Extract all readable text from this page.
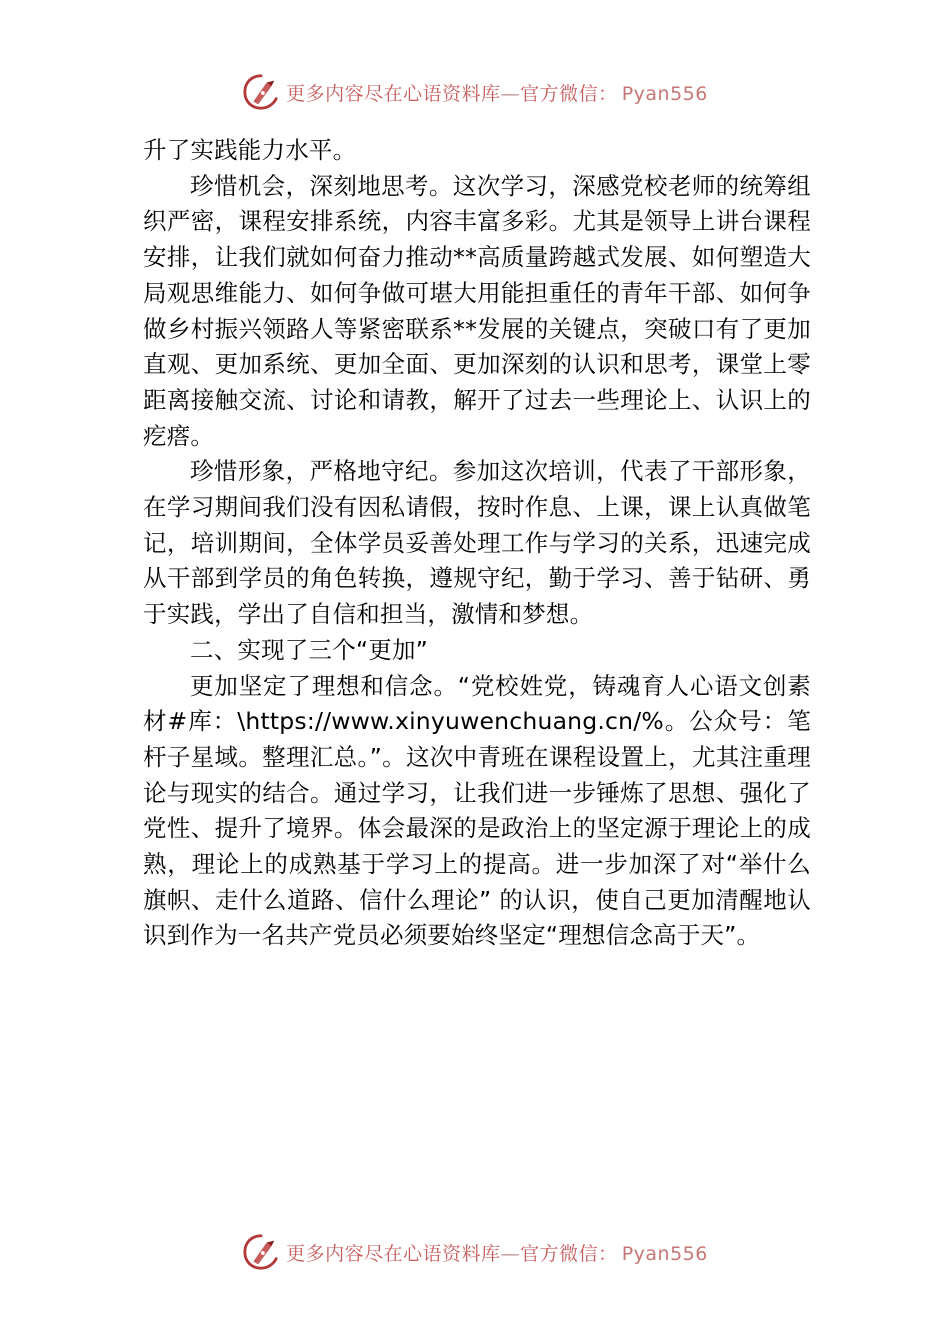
更多内容尽在心语资料库—官方微信： Pyan556

升了实践能力水平。

珍惜机会，深刻地思考。这次学习，深感党校老师的统筹组织严密，课程安排系统，内容丰富多彩。尤其是领导上讲台课程安排，让我们就如何奋力推动**高质量跨越式发展、如何塑造大局观思维能力、如何争做可堪大用能担重任的青年干部、如何争做乡村振兴领路人等紧密联系**发展的关键点，突破口有了更加直观、更加系统、更加全面、更加深刻的认识和思考，课堂上零距离接触交流、讨论和请教，解开了过去一些理论上、认识上的疙瘩。

珍惜形象，严格地守纪。参加这次培训，代表了干部形象，在学习期间我们没有因私请假，按时作息、上课，课上认真做笔记，培训期间，全体学员妥善处理工作与学习的关系，迅速完成从干部到学员的角色转换，遵规守纪，勤于学习、善于钻研、勇于实践，学出了自信和担当，激情和梦想。

二、实现了三个“更加”

更加坚定了理想和信念。“党校姓党，铸魂育人心语文创素材#库：\https://www.xinyuwenchuang.cn/%。公众号：笔杆子星域。整理汇总。”。这次中青班在课程设置上，尤其注重理论与现实的结合。通过学习，让我们进一步锤炼了思想、强化了党性、提升了境界。体会最深的是政治上的坚定源于理论上的成熟，理论上的成熟基于学习上的提高。进一步加深了对“举什么旗帜、走什么道路、信什么理论” 的认识，使自己更加清醒地认识到作为一名共产党员必须要始终坚定“理想信念高于天”。

更多内容尽在心语资料库—官方微信： Pyan556
